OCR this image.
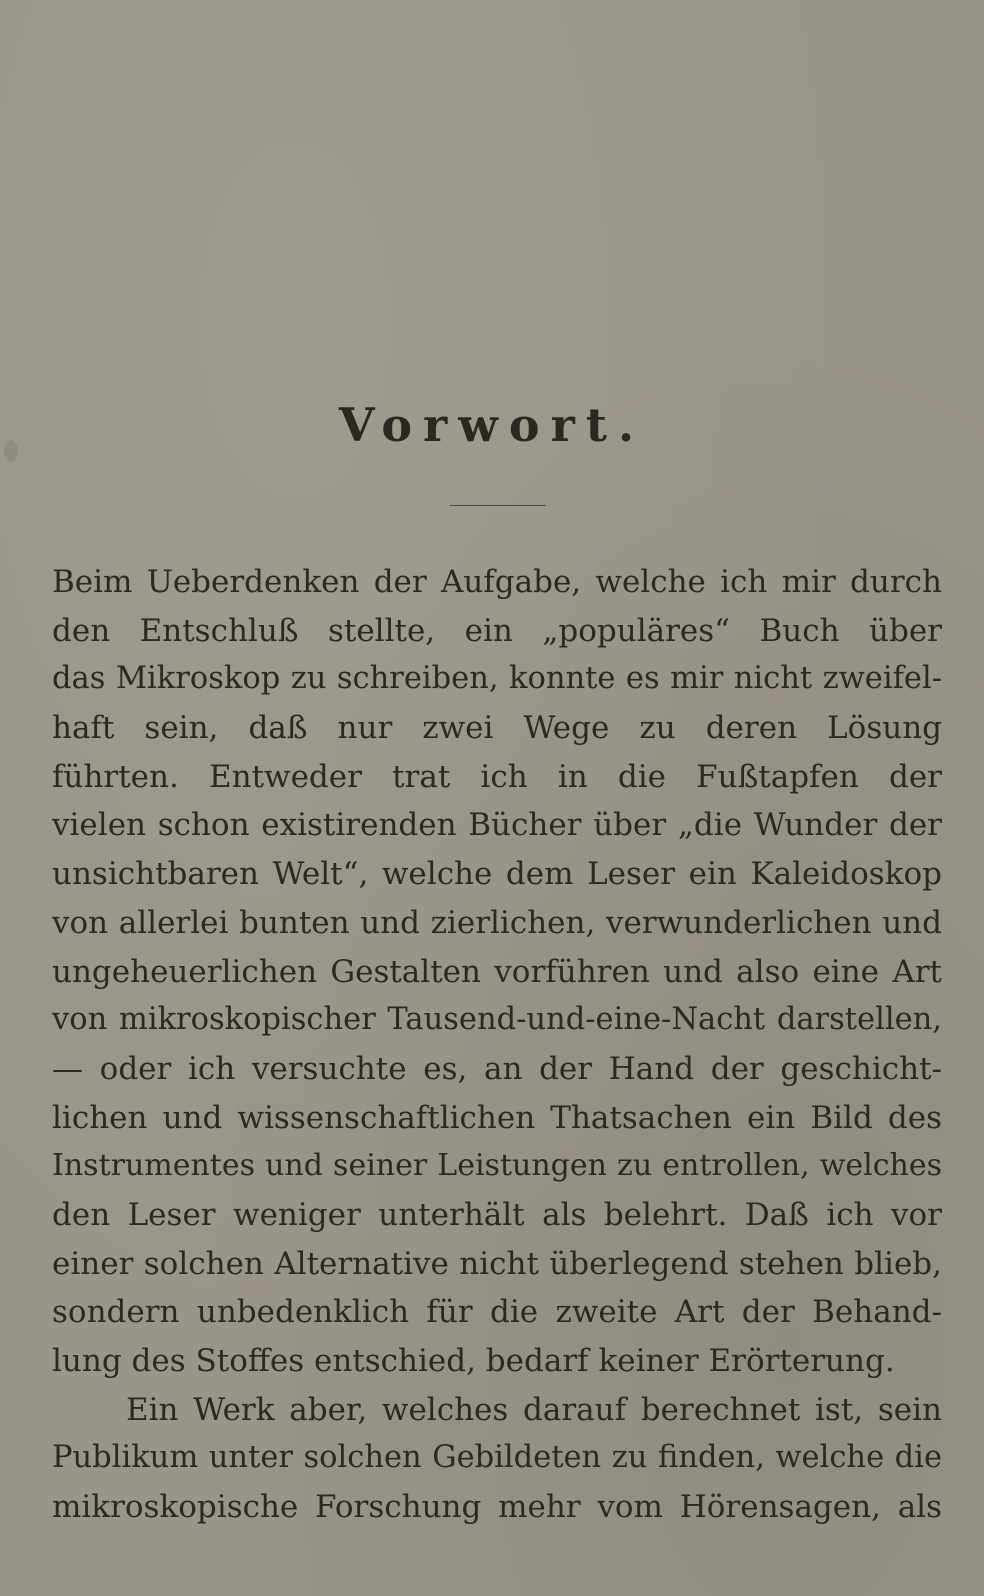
Vorwort.
Beim Ueberdenken der Aufgabe, welche ich mir durch
den Entschluß stellte, ein „populäres“ Buch über
das Mikroskop zu schreiben, konnte es mir nicht zweifel-
haft sein, daß nur zwei Wege zu deren Lösung
führten. Entweder trat ich in die Fußtapfen der
vielen schon existirenden Bücher über „die Wunder der
unsichtbaren Welt“, welche dem Leser ein Kaleidoskop
von allerlei bunten und zierlichen, verwunderlichen und
ungeheuerlichen Gestalten vorführen und also eine Art
von mikroskopischer Tausend-und-eine-Nacht darstellen,
— oder ich versuchte es, an der Hand der geschicht-
lichen und wissenschaftlichen Thatsachen ein Bild des
Instrumentes und seiner Leistungen zu entrollen, welches
den Leser weniger unterhält als belehrt. Daß ich vor
einer solchen Alternative nicht überlegend stehen blieb,
sondern unbedenklich für die zweite Art der Behand-
lung des Stoffes entschied, bedarf keiner Erörterung.
Ein Werk aber, welches darauf berechnet ist, sein
Publikum unter solchen Gebildeten zu finden, welche die
mikroskopische Forschung mehr vom Hörensagen, als
